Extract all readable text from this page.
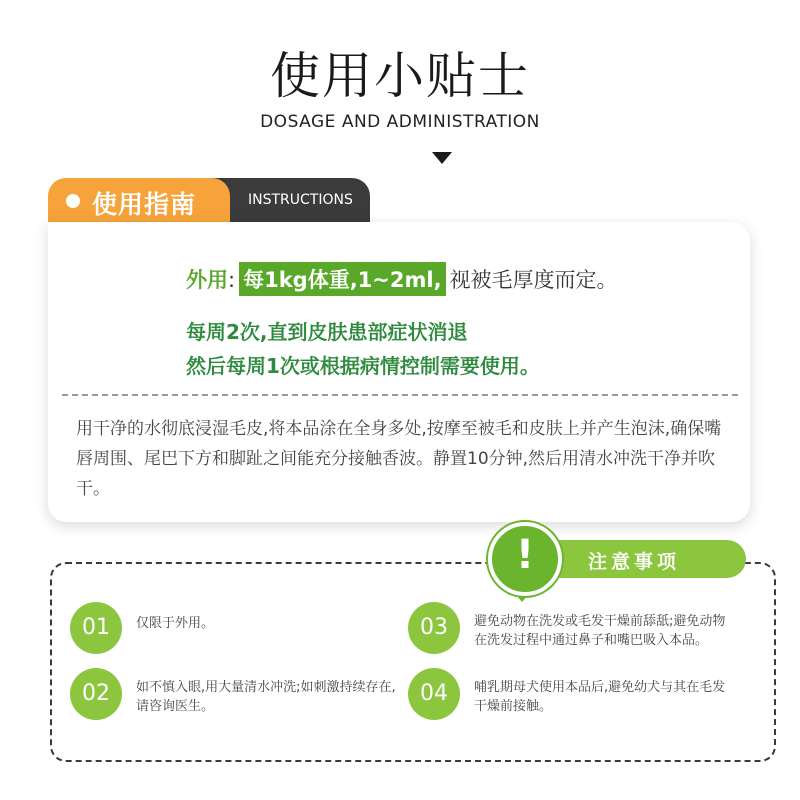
使用小贴士
DOSAGE AND ADMINISTRATION
INSTRUCTIONS
使用指南
外用: 每1kg体重,1~2ml, 视被毛厚度而定。
每周2次,直到皮肤患部症状消退
然后每周1次或根据病情控制需要使用。
用干净的水彻底浸湿毛皮,将本品涂在全身多处,按摩至被毛和皮肤上并产生泡沫,确保嘴唇周围、尾巴下方和脚趾之间能充分接触香波。静置10分钟,然后用清水冲洗干净并吹干。
注意事项
!
01	仅限于外用。
02	如不慎入眼,用大量清水冲洗;如刺激持续存在,请咨询医生。
03	避免动物在洗发或毛发干燥前舔舐;避免动物在洗发过程中通过鼻子和嘴巴吸入本品。
04	哺乳期母犬使用本品后,避免幼犬与其在毛发干燥前接触。
